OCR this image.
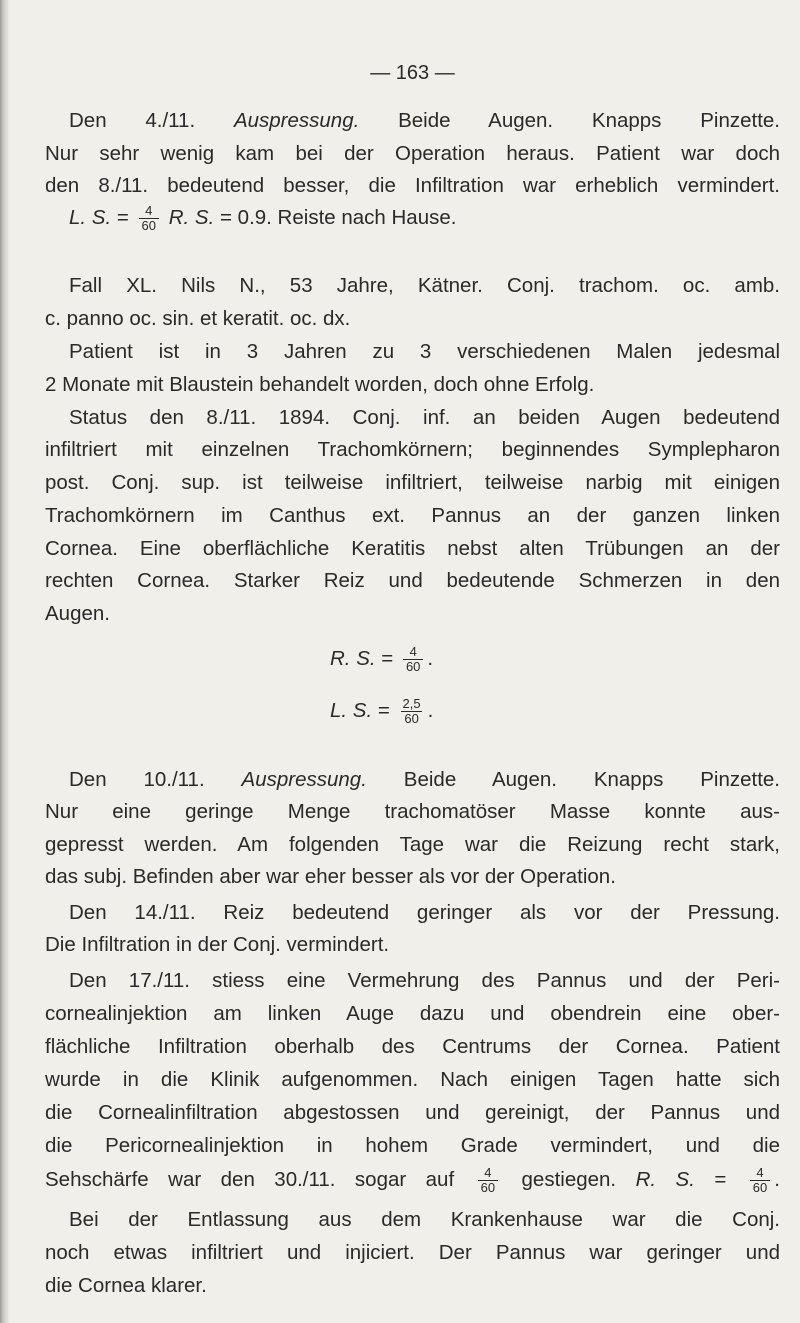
— 163 —
Den 4./11. Auspressung. Beide Augen. Knapps Pinzette.
Nur sehr wenig kam bei der Operation heraus. Patient war doch
den 8./11. bedeutend besser, die Infiltration war erheblich vermindert.
L. S. = $\frac{4}{60} R$. S. = 0.9. Reiste nach Hause.
Fall XL. Nils N., 53 Jahre, Kätner. Conj. trachom. oc. amb.
c. panno oc. sin. et keratit. oc. dx.
Patient ist in 3 Jahren zu 3 verschiedenen Malen jedesmal
2 Monate mit Blaustein behandelt worden, doch ohne Erfolg.
Status den 8./11. 1894. Conj. inf. an beiden Augen bedeutend
infiltriert mit einzelnen Trachomkörnern; beginnendes Symplepharon
post. Conj. sup. ist teilweise infiltriert, teilweise narbig mit einigen
Trachomkörnern im Canthus ext. Pannus an der ganzen linken
Cornea. Eine oberflächliche Keratitis nebst alten Trübungen an der
rechten Cornea. Starker Reiz und bedeutende Schmerzen in den
Augen.
R. S. = $\frac{4}{60}$ .
L. S. = $\frac{2,5}{60}$ .
Den 10./11. Auspressung. Beide Augen. Knapps Pinzette.
Nur eine geringe Menge trachomatöser Masse konnte aus-
gepresst werden. Am folgenden Tage war die Reizung recht stark,
das subj. Befinden aber war eher besser als vor der Operation.
Den 14./11. Reiz bedeutend geringer als vor der Pressung.
Die Infiltration in der Conj. vermindert.
Den 17./11. stiess eine Vermehrung des Pannus und der Peri-
cornealinjektion am linken Auge dazu und obendrein eine ober-
flächliche Infiltration oberhalb des Centrums der Cornea. Patient
wurde in die Klinik aufgenommen. Nach einigen Tagen hatte sich
die Cornealinfiltration abgestossen und gereinigt, der Pannus und
die Pericornealinjektion in hohem Grade vermindert, und die
Sehschärfe war den 30./11. sogar auf $\frac{4}{60}$ gestiegen. R. S. = $\frac{4}{60}$ .
Bei der Entlassung aus dem Krankenhause war die Conj.
noch etwas infiltriert und injiciert. Der Pannus war geringer und
die Cornea klarer.
